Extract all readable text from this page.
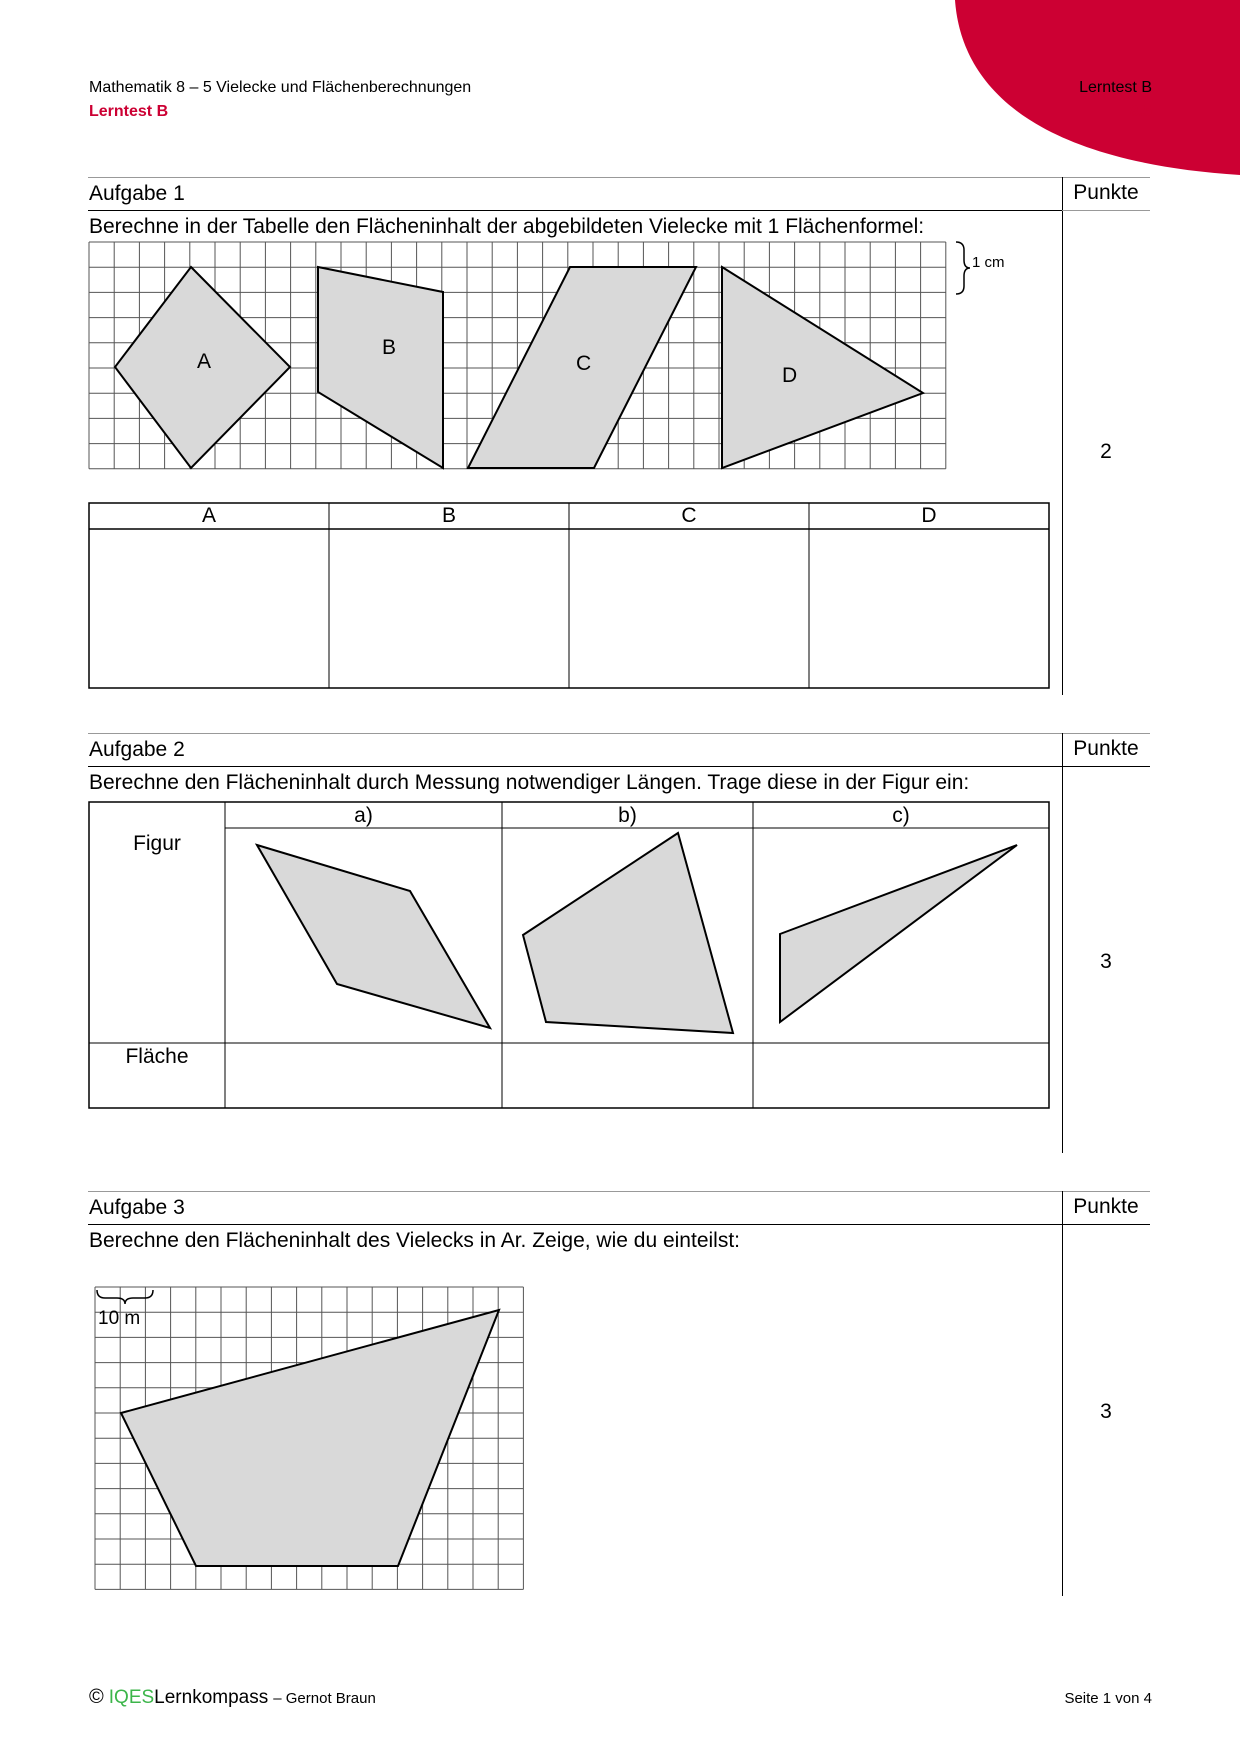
Mathematik 8 – 5 Vielecke und Flächenberechnungen
Lerntest B
Lerntest B
8.5
Aufgabe 1	Punkte
Berechne in der Tabelle den Flächeninhalt der abgebildeten Vielecke mit 1 Flächenformel:
2
1 cm
A
B
C
D
A	B	C	D
Aufgabe 2	Punkte
Berechne den Flächeninhalt durch Messung notwendiger Längen. Trage diese in der Figur ein:
3
a)	b)	c)
Figur
Fläche
Aufgabe 3	Punkte
Berechne den Flächeninhalt des Vielecks in Ar. Zeige, wie du einteilst:
3
10 m
© IQESLernkompass – Gernot Braun	Seite 1 von 4
